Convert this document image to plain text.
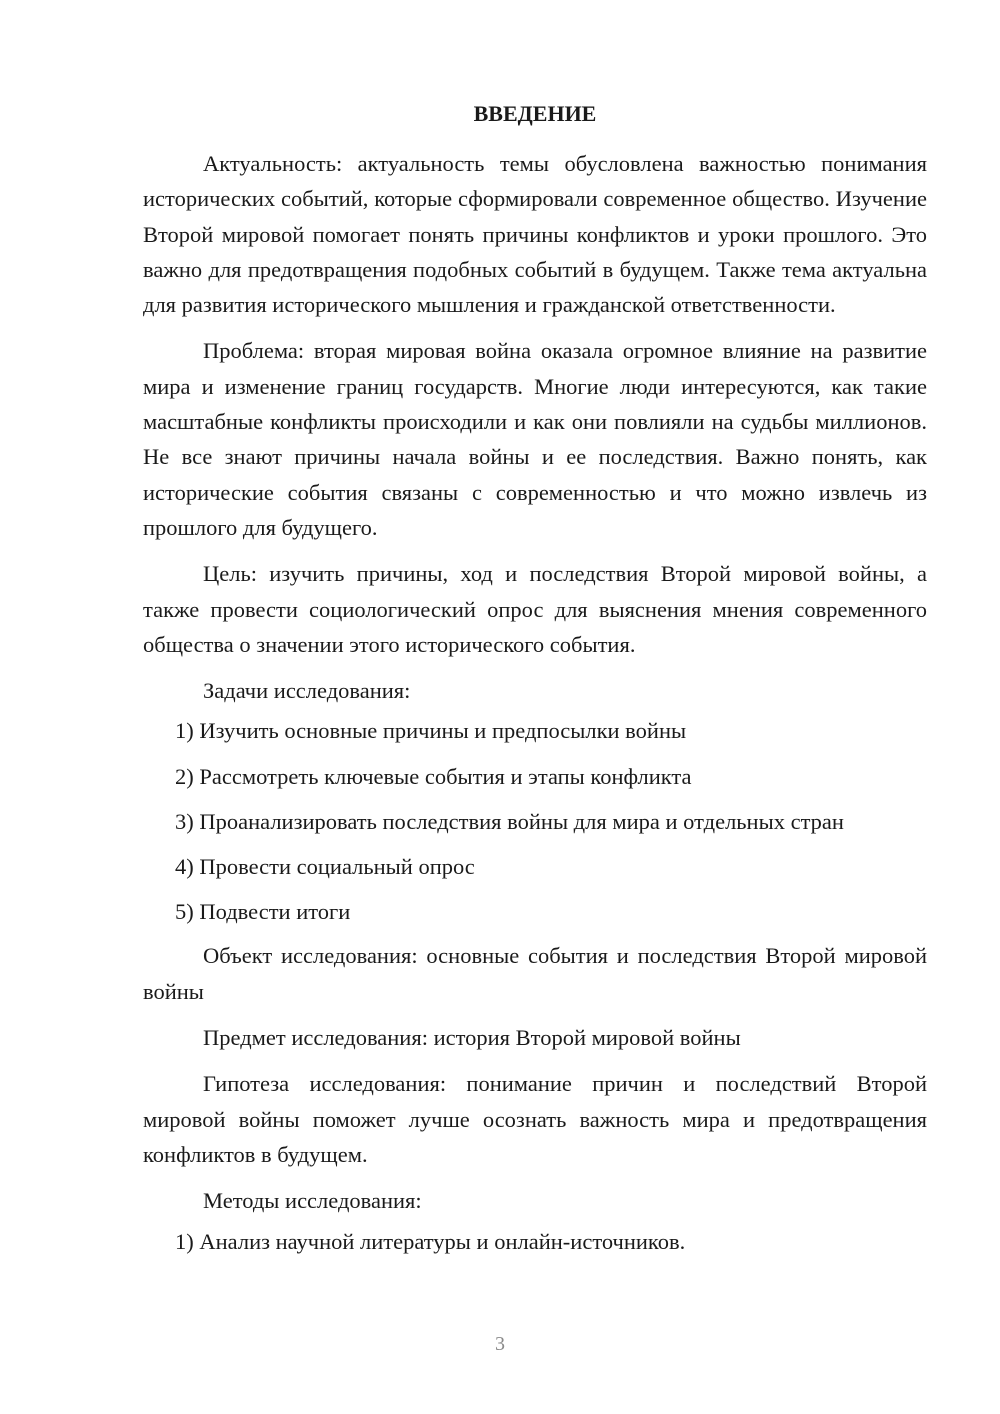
ВВЕДЕНИЕ

Актуальность: актуальность темы обусловлена важностью понимания исторических событий, которые сформировали современное общество. Изучение Второй мировой помогает понять причины конфликтов и уроки прошлого. Это важно для предотвращения подобных событий в будущем. Также тема актуальна для развития исторического мышления и гражданской ответственности.

Проблема: вторая мировая война оказала огромное влияние на развитие мира и изменение границ государств. Многие люди интересуются, как такие масштабные конфликты происходили и как они повлияли на судьбы миллионов. Не все знают причины начала войны и ее последствия. Важно понять, как исторические события связаны с современностью и что можно извлечь из прошлого для будущего.

Цель: изучить причины, ход и последствия Второй мировой войны, а также провести социологический опрос для выяснения мнения современного общества о значении этого исторического события.

Задачи исследования:

1) Изучить основные причины и предпосылки войны

2) Рассмотреть ключевые события и этапы конфликта

3) Проанализировать последствия войны для мира и отдельных стран

4) Провести социальный опрос

5) Подвести итоги

Объект исследования: основные события и последствия Второй мировой войны

Предмет исследования: история Второй мировой войны

Гипотеза исследования: понимание причин и последствий Второй мировой войны поможет лучше осознать важность мира и предотвращения конфликтов в будущем.

Методы исследования:

1) Анализ научной литературы и онлайн-источников.

3
